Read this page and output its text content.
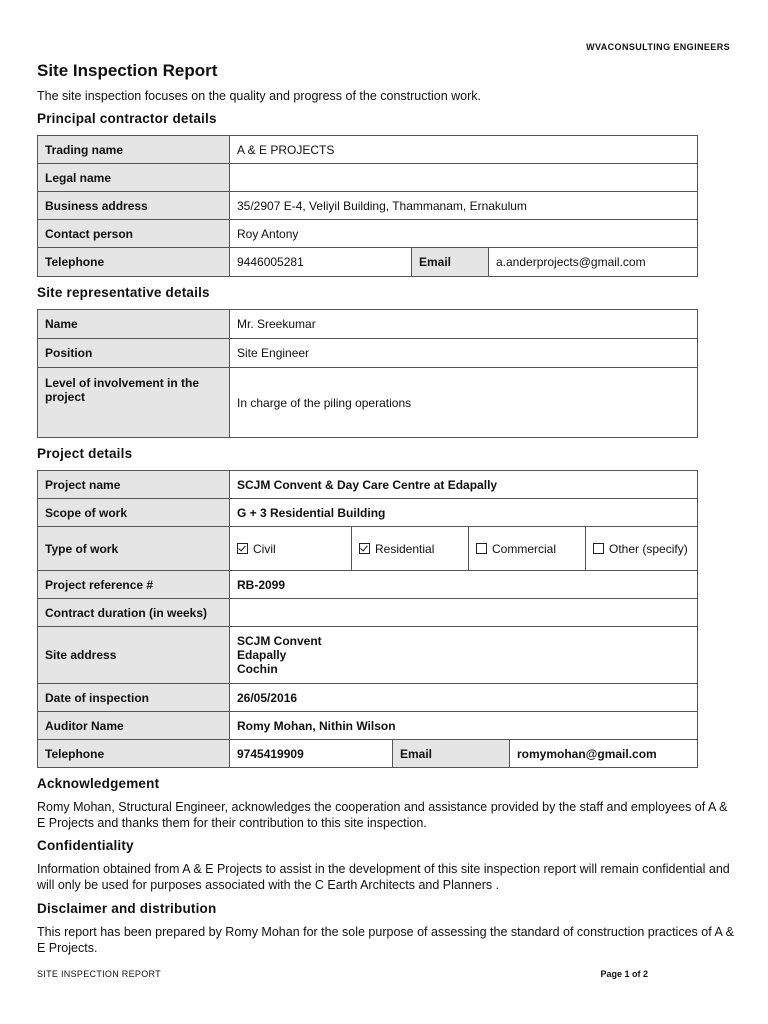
WVACONSULTING ENGINEERS
Site Inspection Report
The site inspection focuses on the quality and progress of the construction work.
Principal contractor details
Trading name	A & E PROJECTS		
Legal name			
Business address	35/2907 E-4, Veliyil Building, Thammanam, Ernakulum		
Contact person	Roy Antony		
Telephone	9446005281	Email	a.anderprojects@gmail.com
Site representative details
Name	Mr. Sreekumar
Position	Site Engineer
Level of involvement in the project	In charge of the piling operations
Project details
Project name	SCJM Convent & Day Care Centre at Edapally					
Scope of work	G + 3 Residential Building					
Type of work	Civil	Residential		Commercial		Other (specify)
Project reference #	RB-2099					
Contract duration (in weeks)						
Site address	SCJM Convent
Edapally
Cochin					

Date of inspection	26/05/2016					
Auditor Name	Romy Mohan, Nithin Wilson					
Telephone	9745419909		Email		romymohan@gmail.com	
Acknowledgement
Romy Mohan, Structural Engineer, acknowledges the cooperation and assistance provided by the staff and employees of A & E Projects and thanks them for their contribution to this site inspection.
Confidentiality
Information obtained from A & E Projects to assist in the development of this site inspection report will remain confidential and will only be used for purposes associated with the C Earth Architects and Planners .
Disclaimer and distribution
This report has been prepared by Romy Mohan for the sole purpose of assessing the standard of construction practices of A & E Projects.
SITE INSPECTION REPORT	Page 1 of 2
